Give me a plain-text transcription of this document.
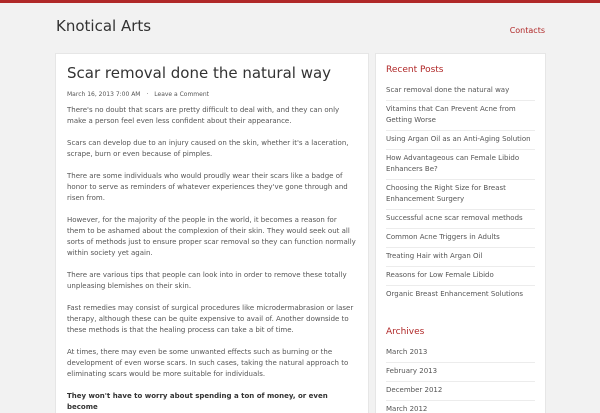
Knotical Arts	Contacts
Scar removal done the natural way
March 16, 2013 7:00 AM · Leave a Comment

There's no doubt that scars are pretty difficult to deal with, and they can only make a person feel even less confident about their appearance.

Scars can develop due to an injury caused on the skin, whether it's a laceration, scrape, burn or even because of pimples.

There are some individuals who would proudly wear their scars like a badge of honor to serve as reminders of whatever experiences they've gone through and risen from.

However, for the majority of the people in the world, it becomes a reason for them to be ashamed about the complexion of their skin. They would seek out all sorts of methods just to ensure proper scar removal so they can function normally within society yet again.

There are various tips that people can look into in order to remove these totally unpleasing blemishes on their skin.

Fast remedies may consist of surgical procedures like microdermabrasion or laser therapy, although these can be quite expensive to avail of. Another downside to these methods is that the healing process can take a bit of time.

At times, there may even be some unwanted effects such as burning or the development of even worse scars. In such cases, taking the natural approach to eliminating scars would be more suitable for individuals.

They won't have to worry about spending a ton of money, or even become

Recent Posts
Scar removal done the natural way
Vitamins that Can Prevent Acne from Getting Worse
Using Argan Oil as an Anti-Aging Solution
How Advantageous can Female Libido Enhancers Be?
Choosing the Right Size for Breast Enhancement Surgery
Successful acne scar removal methods
Common Acne Triggers in Adults
Treating Hair with Argan Oil
Reasons for Low Female Libido
Organic Breast Enhancement Solutions
Archives
March 2013
February 2013
December 2012
March 2012
